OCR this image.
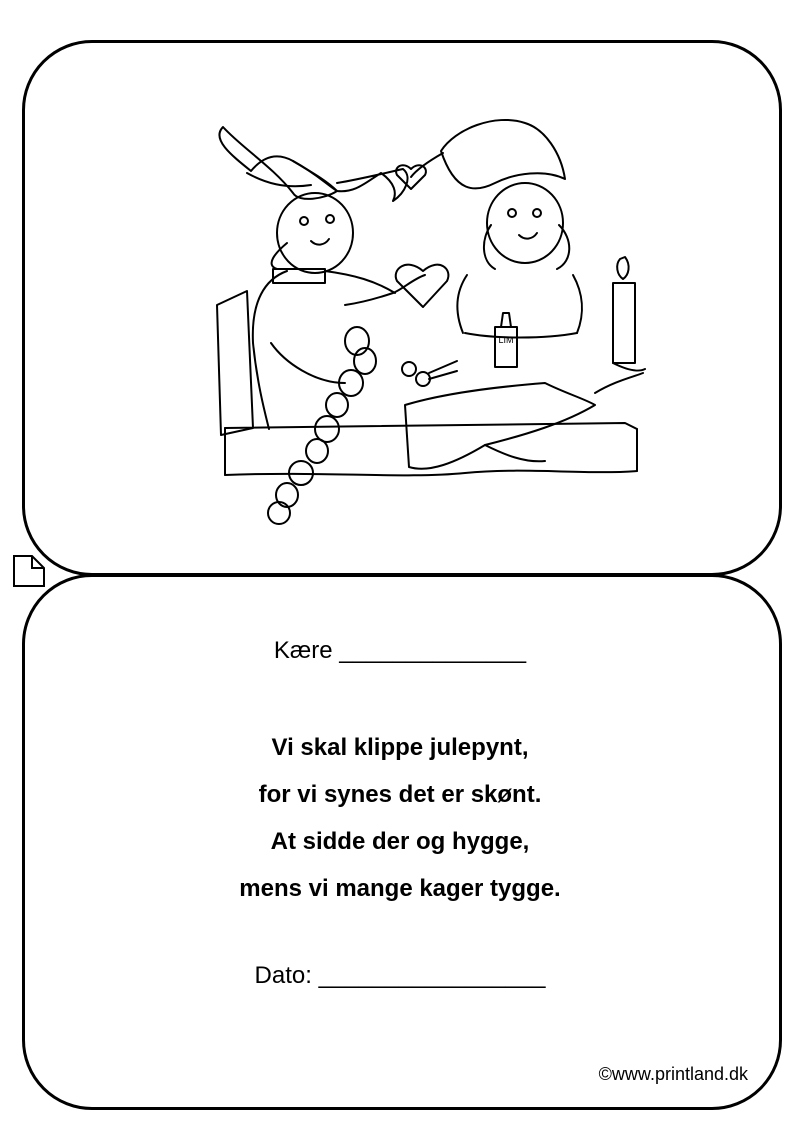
LIM
Kære ______________
Vi skal klippe julepynt,
for vi synes det er skønt.
At sidde der og hygge,
mens vi mange kager tygge.
Dato: _________________
©www.printland.dk
